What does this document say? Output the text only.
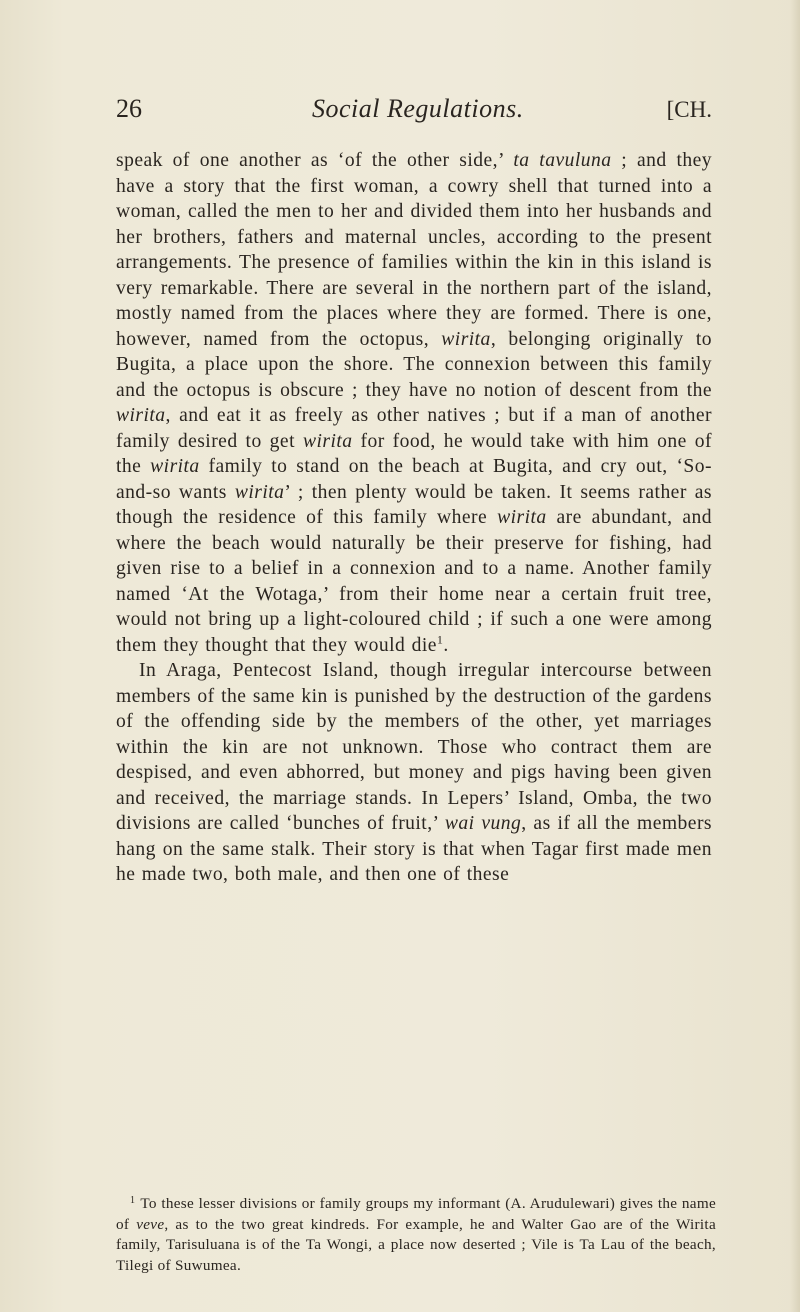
26	Social Regulations.	[CH.

speak of one another as ‘of the other side,’ ta tavuluna ; and they have a story that the first woman, a cowry shell that turned into a woman, called the men to her and divided them into her husbands and her brothers, fathers and maternal uncles, according to the present arrangements. The presence of families within the kin in this island is very remarkable. There are several in the northern part of the island, mostly named from the places where they are formed. There is one, however, named from the octopus, wirita, belonging originally to Bugita, a place upon the shore. The connexion between this family and the octopus is obscure ; they have no notion of descent from the wirita, and eat it as freely as other natives ; but if a man of another family desired to get wirita for food, he would take with him one of the wirita family to stand on the beach at Bugita, and cry out, ‘So-and-so wants wirita’ ; then plenty would be taken. It seems rather as though the residence of this family where wirita are abundant, and where the beach would naturally be their preserve for fishing, had given rise to a belief in a connexion and to a name. Another family named ‘At the Wotaga,’ from their home near a certain fruit tree, would not bring up a light-coloured child ; if such a one were among them they thought that they would die$^1$.

In Araga, Pentecost Island, though irregular intercourse between members of the same kin is punished by the destruction of the gardens of the offending side by the members of the other, yet marriages within the kin are not unknown. Those who contract them are despised, and even abhorred, but money and pigs having been given and received, the marriage stands. In Lepers’ Island, Omba, the two divisions are called ‘bunches of fruit,’ wai vung, as if all the members hang on the same stalk. Their story is that when Tagar first made men he made two, both male, and then one of these

$^1$ To these lesser divisions or family groups my informant (A. Arudulewari) gives the name of veve, as to the two great kindreds. For example, he and Walter Gao are of the Wirita family, Tarisuluana is of the Ta Wongi, a place now deserted ; Vile is Ta Lau of the beach, Tilegi of Suwumea.
